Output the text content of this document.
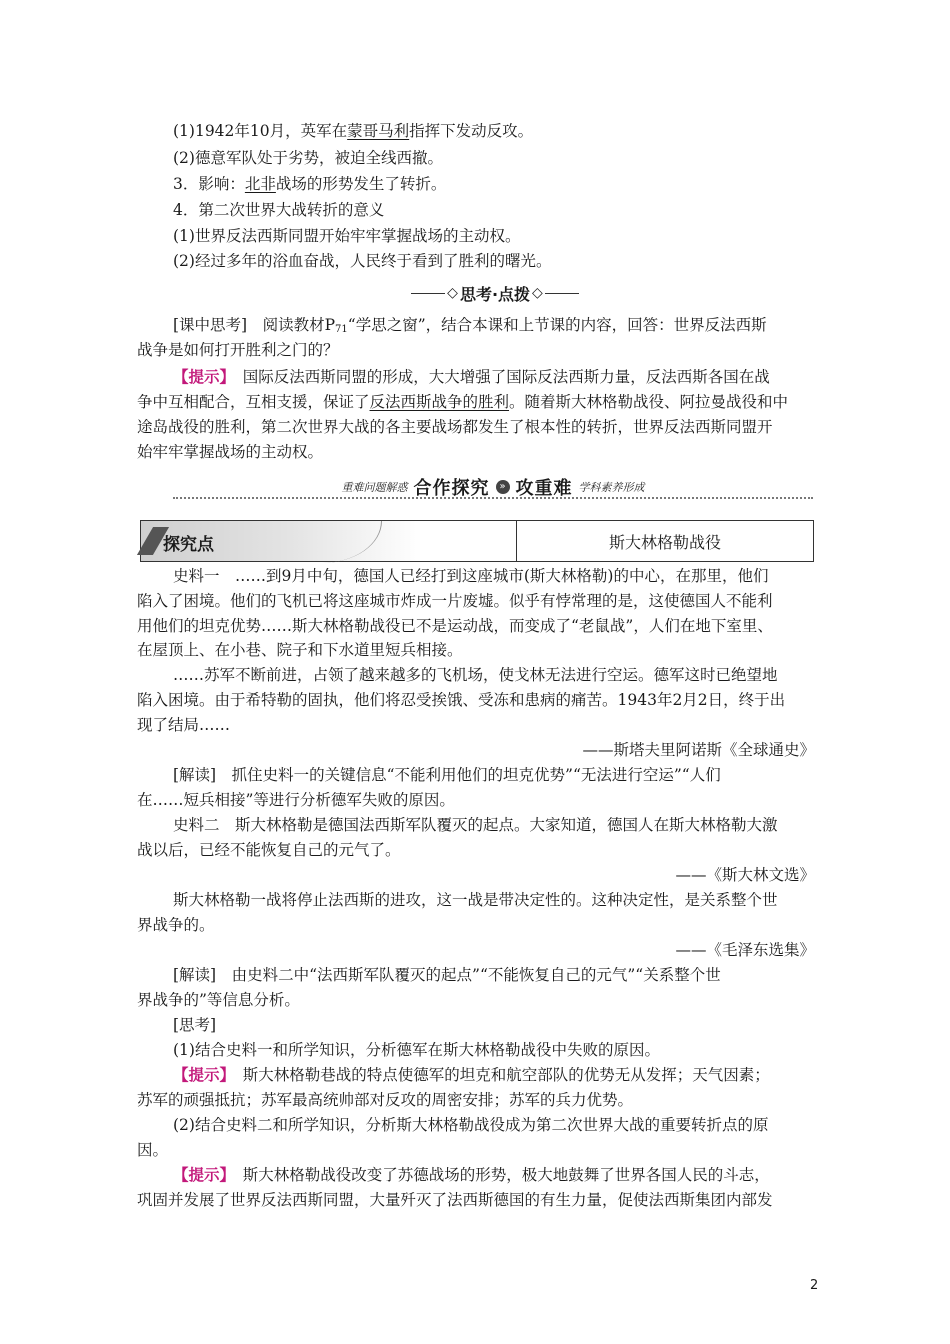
(1)1942年10月，英军在蒙哥马利指挥下发动反攻。
(2)德意军队处于劣势，被迫全线西撤。
3．影响：北非战场的形势发生了转折。
4．第二次世界大战转折的意义
(1)世界反法西斯同盟开始牢牢掌握战场的主动权。
(2)经过多年的浴血奋战，人民终于看到了胜利的曙光。
◇ 思考·点拨 ◇
[课中思考]　阅读教材$P_{71}“$学思之窗”，结合本课和上节课的内容，回答：世界反法西斯
战争是如何打开胜利之门的？
【提示】　国际反法西斯同盟的形成，大大增强了国际反法西斯力量，反法西斯各国在战
争中互相配合，互相支援，保证了反法西斯战争的胜利。随着斯大林格勒战役、阿拉曼战役和中
途岛战役的胜利，第二次世界大战的各主要战场都发生了根本性的转折，世界反法西斯同盟开
始牢牢掌握战场的主动权。
重难问题解惑 合作探究 » 攻重难 学科素养形成
探究点	斯大林格勒战役
史料一　……到9月中旬，德国人已经打到这座城市(斯大林格勒)的中心，在那里，他们
陷入了困境。他们的飞机已将这座城市炸成一片废墟。似乎有悖常理的是，这使德国人不能利
用他们的坦克优势……斯大林格勒战役已不是运动战，而变成了“老鼠战”，人们在地下室里、
在屋顶上、在小巷、院子和下水道里短兵相接。
……苏军不断前进，占领了越来越多的飞机场，使戈林无法进行空运。德军这时已绝望地
陷入困境。由于希特勒的固执，他们将忍受挨饿、受冻和患病的痛苦。1943年2月2日，终于出
现了结局……
——斯塔夫里阿诺斯《全球通史》
[解读]　抓住史料一的关键信息“不能利用他们的坦克优势”“无法进行空运”“人们
在……短兵相接”等进行分析德军失败的原因。
史料二　斯大林格勒是德国法西斯军队覆灭的起点。大家知道，德国人在斯大林格勒大激
战以后，已经不能恢复自己的元气了。
——《斯大林文选》
斯大林格勒一战将停止法西斯的进攻，这一战是带决定性的。这种决定性，是关系整个世
界战争的。
——《毛泽东选集》
[解读]　由史料二中“法西斯军队覆灭的起点”“不能恢复自己的元气”“关系整个世
界战争的”等信息分析。
[思考]
(1)结合史料一和所学知识，分析德军在斯大林格勒战役中失败的原因。
【提示】　斯大林格勒巷战的特点使德军的坦克和航空部队的优势无从发挥；天气因素；
苏军的顽强抵抗；苏军最高统帅部对反攻的周密安排；苏军的兵力优势。
(2)结合史料二和所学知识，分析斯大林格勒战役成为第二次世界大战的重要转折点的原
因。
【提示】　斯大林格勒战役改变了苏德战场的形势，极大地鼓舞了世界各国人民的斗志，
巩固并发展了世界反法西斯同盟，大量歼灭了法西斯德国的有生力量，促使法西斯集团内部发
2
